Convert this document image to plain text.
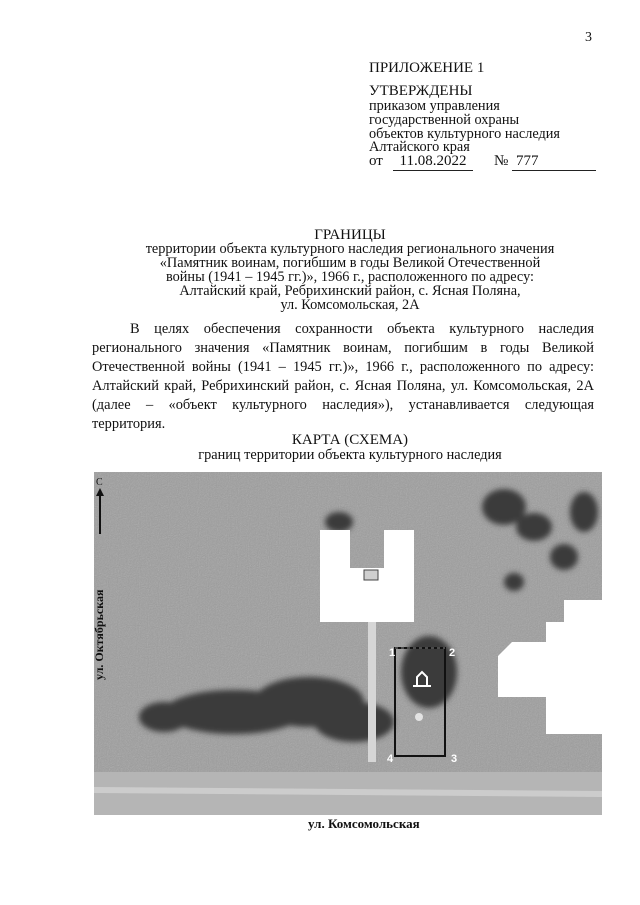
3
ПРИЛОЖЕНИЕ 1
УТВЕРЖДЕНЫ
приказом управления
государственной охраны
объектов культурного наследия
Алтайского края
от	11.08.2022	№ 777
ГРАНИЦЫ
территории объекта культурного наследия регионального значения
«Памятник воинам, погибшим в годы Великой Отечественной
войны (1941 – 1945 гг.)», 1966 г., расположенного по адресу:
Алтайский край, Ребрихинский район, с. Ясная Поляна,
ул. Комсомольская, 2А
В целях обеспечения сохранности объекта культурного наследия
регионального значения «Памятник воинам, погибшим в годы Великой
Отечественной войны (1941 – 1945 гг.)», 1966 г., расположенного по адресу:
Алтайский край, Ребрихинский район, с. Ясная Поляна, ул. Комсомольская, 2А
(далее – «объект культурного наследия»), устанавливается следующая
территория.
КАРТА (СХЕМА)
границ территории объекта культурного наследия
1	2
3
4
С
ул. Октябрьская
ул. Комсомольская
